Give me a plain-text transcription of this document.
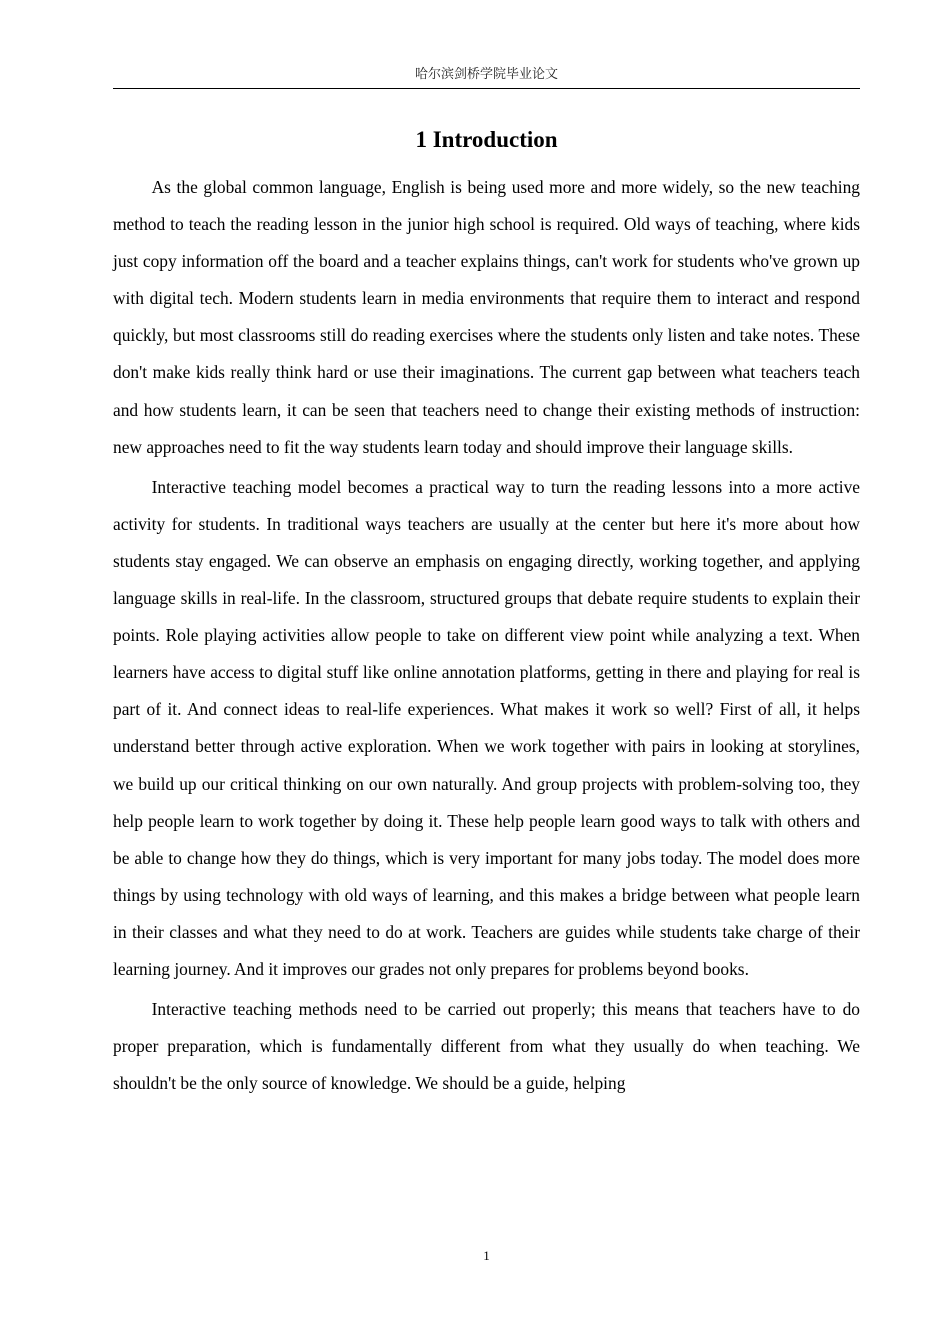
哈尔滨剑桥学院毕业论文
1 Introduction

As the global common language, English is being used more and more widely, so the new teaching method to teach the reading lesson in the junior high school is required. Old ways of teaching, where kids just copy information off the board and a teacher explains things, can't work for students who've grown up with digital tech. Modern students learn in media environments that require them to interact and respond quickly, but most classrooms still do reading exercises where the students only listen and take notes. These don't make kids really think hard or use their imaginations. The current gap between what teachers teach and how students learn, it can be seen that teachers need to change their existing methods of instruction: new approaches need to fit the way students learn today and should improve their language skills.

Interactive teaching model becomes a practical way to turn the reading lessons into a more active activity for students. In traditional ways teachers are usually at the center but here it's more about how students stay engaged. We can observe an emphasis on engaging directly, working together, and applying language skills in real-life. In the classroom, structured groups that debate require students to explain their points. Role playing activities allow people to take on different view point while analyzing a text. When learners have access to digital stuff like online annotation platforms, getting in there and playing for real is part of it. And connect ideas to real-life experiences. What makes it work so well? First of all, it helps understand better through active exploration. When we work together with pairs in looking at storylines, we build up our critical thinking on our own naturally. And group projects with problem-solving too, they help people learn to work together by doing it. These help people learn good ways to talk with others and be able to change how they do things, which is very important for many jobs today. The model does more things by using technology with old ways of learning, and this makes a bridge between what people learn in their classes and what they need to do at work. Teachers are guides while students take charge of their learning journey. And it improves our grades not only prepares for problems beyond books.

Interactive teaching methods need to be carried out properly; this means that teachers have to do proper preparation, which is fundamentally different from what they usually do when teaching. We shouldn't be the only source of knowledge. We should be a guide, helping

1
